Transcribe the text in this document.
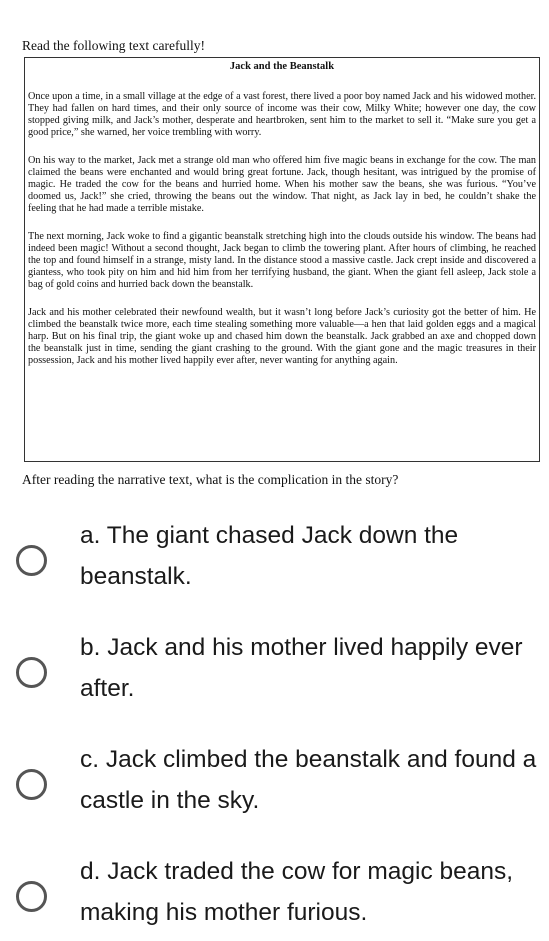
Read the following text carefully!
Jack and the Beanstalk

Once upon a time, in a small village at the edge of a vast forest, there lived a poor boy named Jack and his widowed mother. They had fallen on hard times, and their only source of income was their cow, Milky White; however one day, the cow stopped giving milk, and Jack’s mother, desperate and heartbroken, sent him to the market to sell it. “Make sure you get a good price,” she warned, her voice trembling with worry.

On his way to the market, Jack met a strange old man who offered him five magic beans in exchange for the cow. The man claimed the beans were enchanted and would bring great fortune. Jack, though hesitant, was intrigued by the promise of magic. He traded the cow for the beans and hurried home. When his mother saw the beans, she was furious. “You’ve doomed us, Jack!” she cried, throwing the beans out the window. That night, as Jack lay in bed, he couldn’t shake the feeling that he had made a terrible mistake.

The next morning, Jack woke to find a gigantic beanstalk stretching high into the clouds outside his window. The beans had indeed been magic! Without a second thought, Jack began to climb the towering plant. After hours of climbing, he reached the top and found himself in a strange, misty land. In the distance stood a massive castle. Jack crept inside and discovered a giantess, who took pity on him and hid him from her terrifying husband, the giant. When the giant fell asleep, Jack stole a bag of gold coins and hurried back down the beanstalk.

Jack and his mother celebrated their newfound wealth, but it wasn’t long before Jack’s curiosity got the better of him. He climbed the beanstalk twice more, each time stealing something more valuable—a hen that laid golden eggs and a magical harp. But on his final trip, the giant woke up and chased him down the beanstalk. Jack grabbed an axe and chopped down the beanstalk just in time, sending the giant crashing to the ground. With the giant gone and the magic treasures in their possession, Jack and his mother lived happily ever after, never wanting for anything again.

After reading the narrative text, what is the complication in the story?
a. The giant chased Jack down the beanstalk.
b. Jack and his mother lived happily ever after.
c. Jack climbed the beanstalk and found a castle in the sky.
d. Jack traded the cow for magic beans, making his mother furious.
